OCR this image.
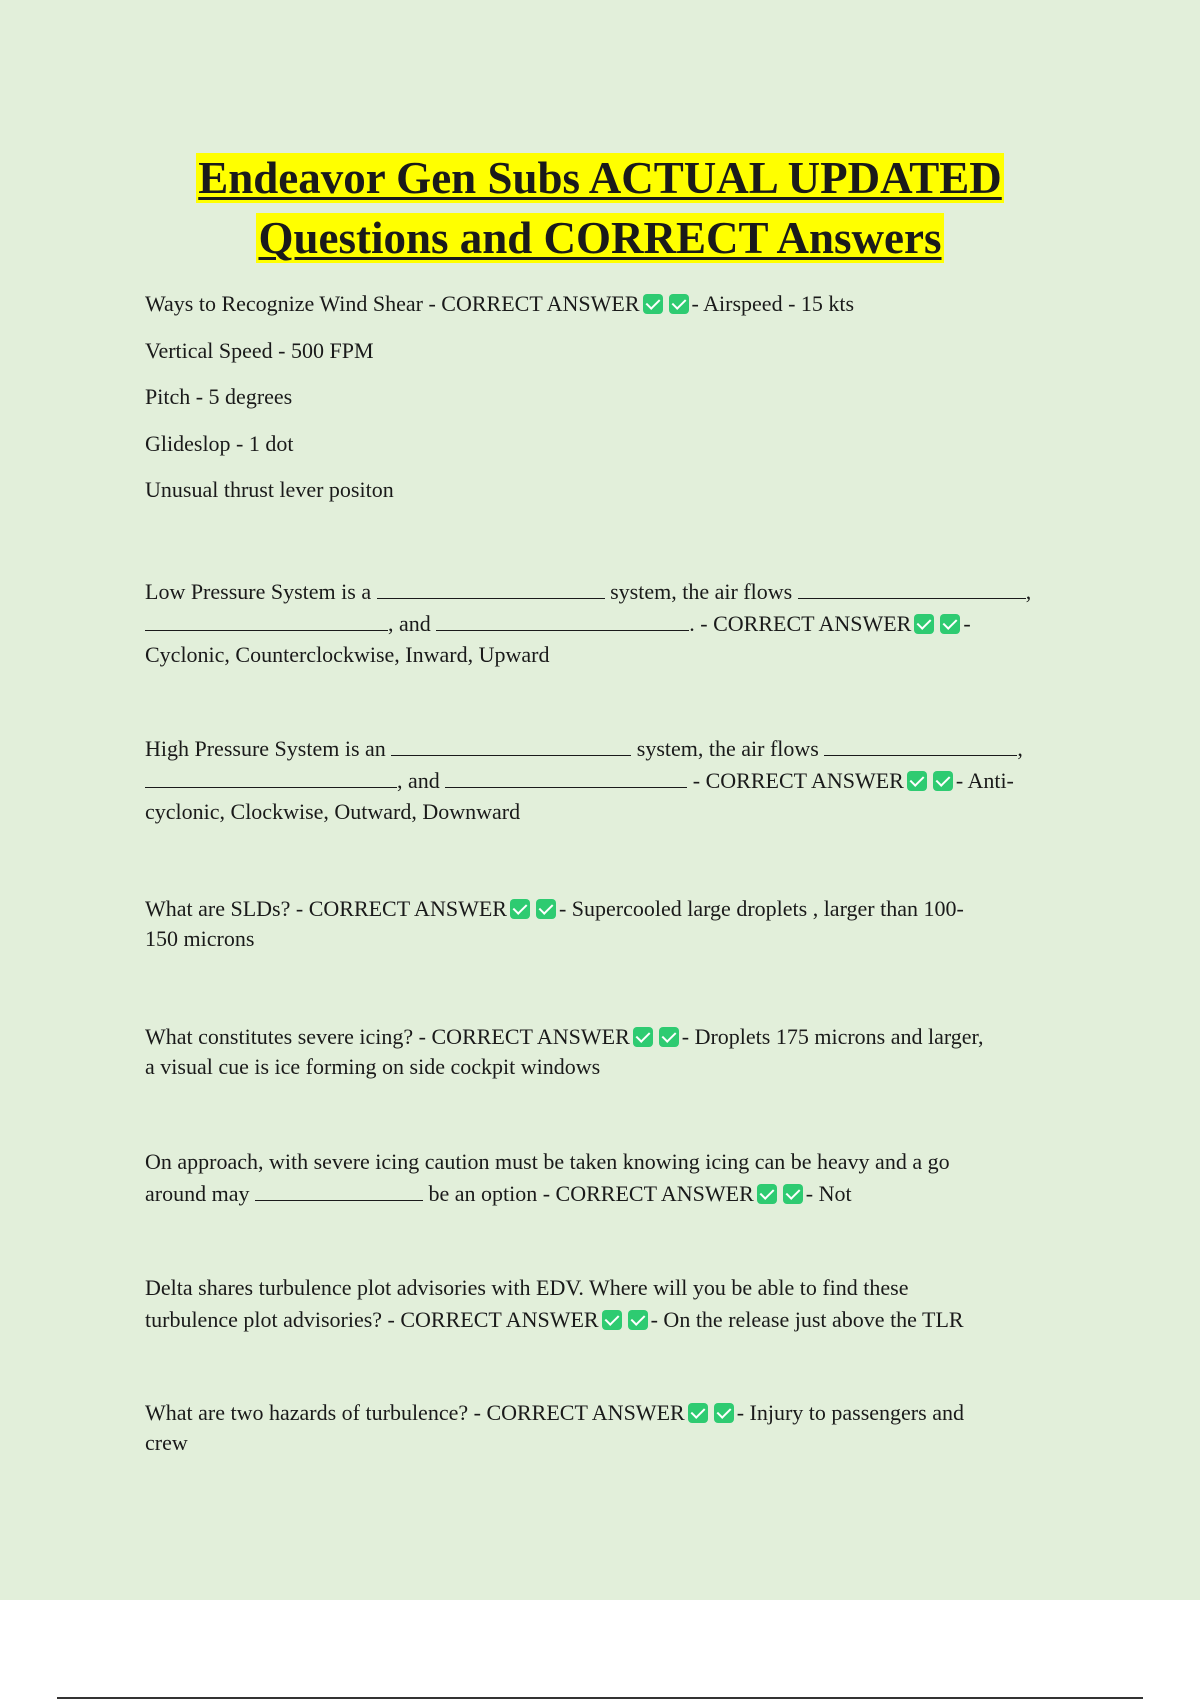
Endeavor Gen Subs ACTUAL UPDATED
Questions and CORRECT Answers
Ways to Recognize Wind Shear - CORRECT ANSWER - Airspeed - 15 kts
Vertical Speed - 500 FPM
Pitch - 5 degrees
Glideslop - 1 dot
Unusual thrust lever positon
Low Pressure System is a	system, the air flows	,
, and	. - CORRECT ANSWER -
Cyclonic, Counterclockwise, Inward, Upward
High Pressure System is an	system, the air flows	,
, and	- CORRECT ANSWER - Anti-
cyclonic, Clockwise, Outward, Downward
What are SLDs? - CORRECT ANSWER - Supercooled large droplets , larger than 100-
150 microns
What constitutes severe icing? - CORRECT ANSWER - Droplets 175 microns and larger,
a visual cue is ice forming on side cockpit windows
On approach, with severe icing caution must be taken knowing icing can be heavy and a go
around may	be an option - CORRECT ANSWER - Not
Delta shares turbulence plot advisories with EDV. Where will you be able to find these
turbulence plot advisories? - CORRECT ANSWER - On the release just above the TLR
What are two hazards of turbulence? - CORRECT ANSWER - Injury to passengers and
crew
